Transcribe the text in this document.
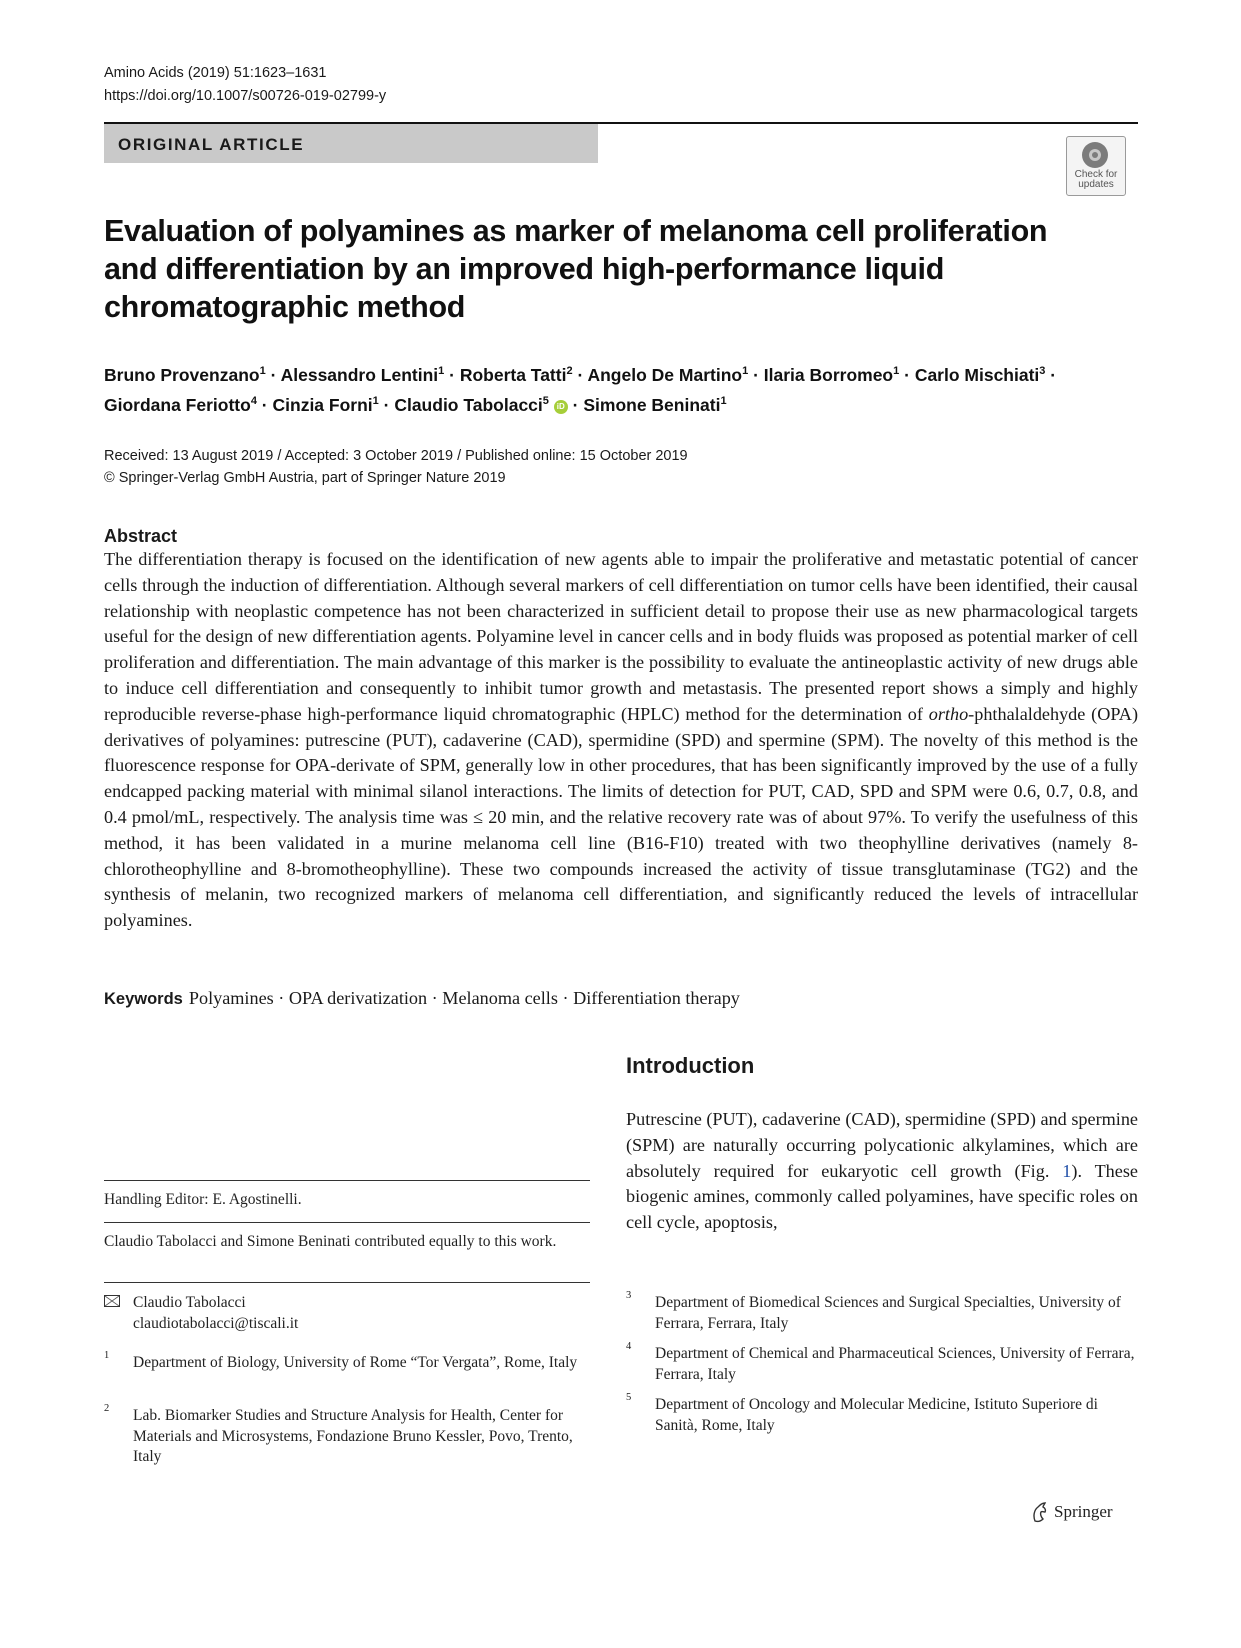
Amino Acids (2019) 51:1623–1631
https://doi.org/10.1007/s00726-019-02799-y
ORIGINAL ARTICLE
Check for updates
Evaluation of polyamines as marker of melanoma cell proliferation and differentiation by an improved high-performance liquid chromatographic method
Bruno Provenzano$^1$ · Alessandro Lentini$^1$ · Roberta Tatti$^2$ · Angelo De Martino$^1$ · Ilaria Borromeo$^1$ · Carlo Mischiati$^3$ ·
Giordana Feriotto$^4$ · Cinzia Forni$^1$ · Claudio Tabolacci$^5$ iD · Simone Beninati$^1$
Received: 13 August 2019 / Accepted: 3 October 2019 / Published online: 15 October 2019
© Springer-Verlag GmbH Austria, part of Springer Nature 2019
Abstract
The differentiation therapy is focused on the identification of new agents able to impair the proliferative and metastatic potential of cancer cells through the induction of differentiation. Although several markers of cell differentiation on tumor cells have been identified, their causal relationship with neoplastic competence has not been characterized in sufficient detail to propose their use as new pharmacological targets useful for the design of new differentiation agents. Polyamine level in cancer cells and in body fluids was proposed as potential marker of cell proliferation and differentiation. The main advantage of this marker is the possibility to evaluate the antineoplastic activity of new drugs able to induce cell differentiation and consequently to inhibit tumor growth and metastasis. The presented report shows a simply and highly reproducible reverse-phase high-performance liquid chromatographic (HPLC) method for the determination of ortho-phthalaldehyde (OPA) derivatives of polyamines: putrescine (PUT), cadaverine (CAD), spermidine (SPD) and spermine (SPM). The novelty of this method is the fluorescence response for OPA-derivate of SPM, generally low in other procedures, that has been significantly improved by the use of a fully endcapped packing material with minimal silanol interactions. The limits of detection for PUT, CAD, SPD and SPM were 0.6, 0.7, 0.8, and 0.4 pmol/mL, respectively. The analysis time was ≤ 20 min, and the relative recovery rate was of about 97%. To verify the usefulness of this method, it has been validated in a murine melanoma cell line (B16-F10) treated with two theophylline derivatives (namely 8-chlorotheophylline and 8-bromotheophylline). These two compounds increased the activity of tissue transglutaminase (TG2) and the synthesis of melanin, two recognized markers of melanoma cell differentiation, and significantly reduced the levels of intracellular polyamines.
Keywords Polyamines · OPA derivatization · Melanoma cells · Differentiation therapy
Introduction
Putrescine (PUT), cadaverine (CAD), spermidine (SPD) and spermine (SPM) are naturally occurring polycationic alkylamines, which are absolutely required for eukaryotic cell growth (Fig. 1). These biogenic amines, commonly called polyamines, have specific roles on cell cycle, apoptosis,
Handling Editor: E. Agostinelli.
Claudio Tabolacci and Simone Beninati contributed equally to this work.
Claudio Tabolacci
claudiotabolacci@tiscali.it
1 Department of Biology, University of Rome “Tor Vergata”, Rome, Italy
2 Lab. Biomarker Studies and Structure Analysis for Health, Center for Materials and Microsystems, Fondazione Bruno Kessler, Povo, Trento, Italy
3 Department of Biomedical Sciences and Surgical Specialties, University of Ferrara, Ferrara, Italy
4 Department of Chemical and Pharmaceutical Sciences, University of Ferrara, Ferrara, Italy
5 Department of Oncology and Molecular Medicine, Istituto Superiore di Sanità, Rome, Italy
Springer
